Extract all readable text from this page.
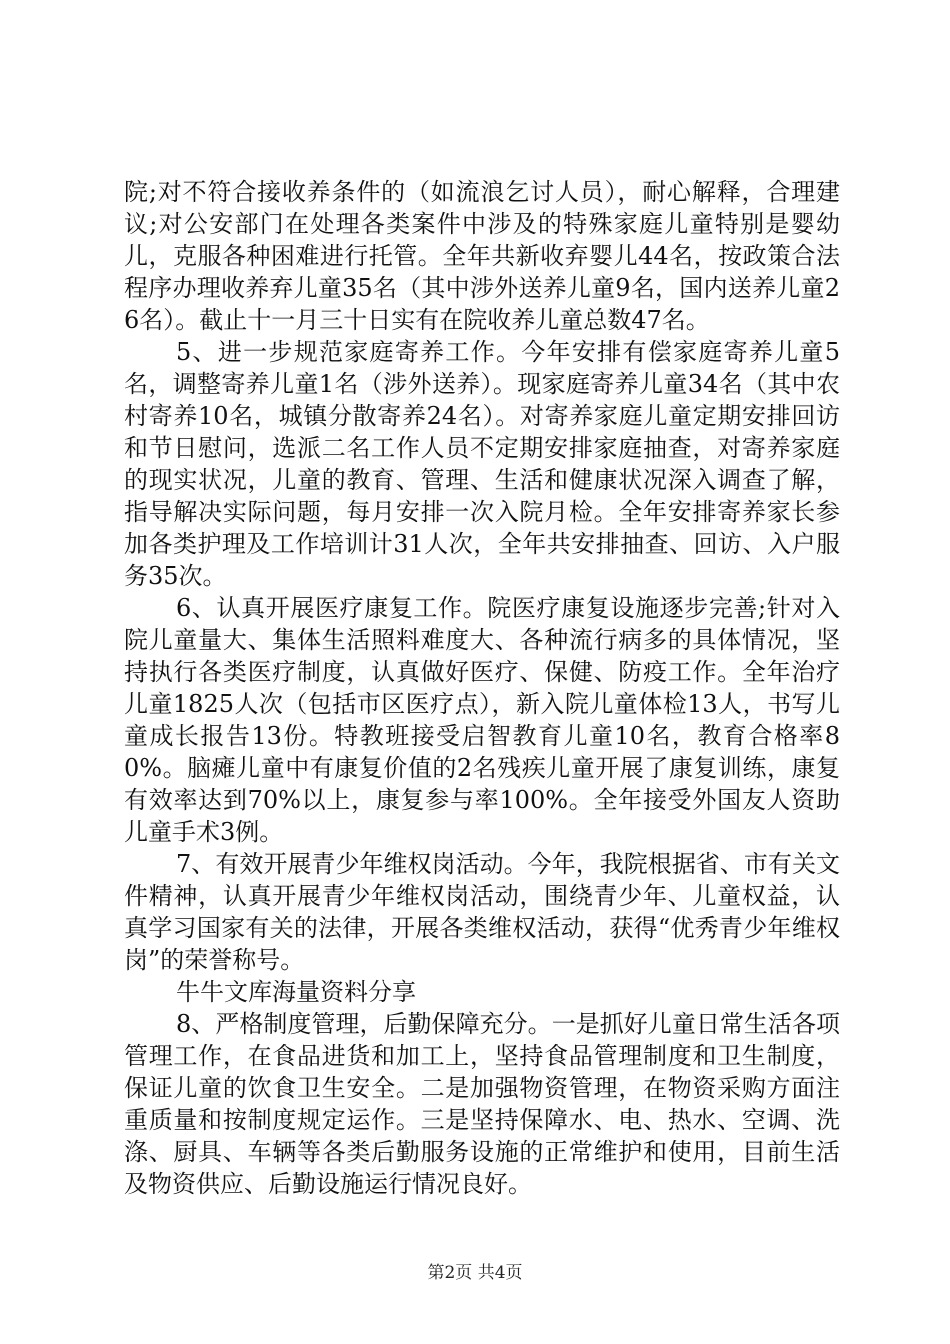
院;对不符合接收养条件的（如流浪乞讨人员），耐心解释，合理建议;对公安部门在处理各类案件中涉及的特殊家庭儿童特别是婴幼儿，克服各种困难进行托管。全年共新收弃婴儿44名，按政策合法程序办理收养弃儿童35名（其中涉外送养儿童9名，国内送养儿童26名）。截止十一月三十日实有在院收养儿童总数47名。

5、进一步规范家庭寄养工作。今年安排有偿家庭寄养儿童5名，调整寄养儿童1名（涉外送养）。现家庭寄养儿童34名（其中农村寄养10名，城镇分散寄养24名）。对寄养家庭儿童定期安排回访和节日慰问，选派二名工作人员不定期安排家庭抽查，对寄养家庭的现实状况，儿童的教育、管理、生活和健康状况深入调查了解，指导解决实际问题，每月安排一次入院月检。全年安排寄养家长参加各类护理及工作培训计31人次，全年共安排抽查、回访、入户服务35次。

6、认真开展医疗康复工作。院医疗康复设施逐步完善;针对入院儿童量大、集体生活照料难度大、各种流行病多的具体情况，坚持执行各类医疗制度，认真做好医疗、保健、防疫工作。全年治疗儿童1825人次（包括市区医疗点），新入院儿童体检13人，书写儿童成长报告13份。特教班接受启智教育儿童10名，教育合格率80%。脑瘫儿童中有康复价值的2名残疾儿童开展了康复训练，康复有效率达到70%以上，康复参与率100%。全年接受外国友人资助儿童手术3例。

7、有效开展青少年维权岗活动。今年，我院根据省、市有关文件精神，认真开展青少年维权岗活动，围绕青少年、儿童权益，认真学习国家有关的法律，开展各类维权活动，获得“优秀青少年维权岗”的荣誉称号。

牛牛文库海量资料分享

8、严格制度管理，后勤保障充分。一是抓好儿童日常生活各项管理工作，在食品进货和加工上，坚持食品管理制度和卫生制度，保证儿童的饮食卫生安全。二是加强物资管理，在物资采购方面注重质量和按制度规定运作。三是坚持保障水、电、热水、空调、洗涤、厨具、车辆等各类后勤服务设施的正常维护和使用，目前生活及物资供应、后勤设施运行情况良好。

第2页 共4页
